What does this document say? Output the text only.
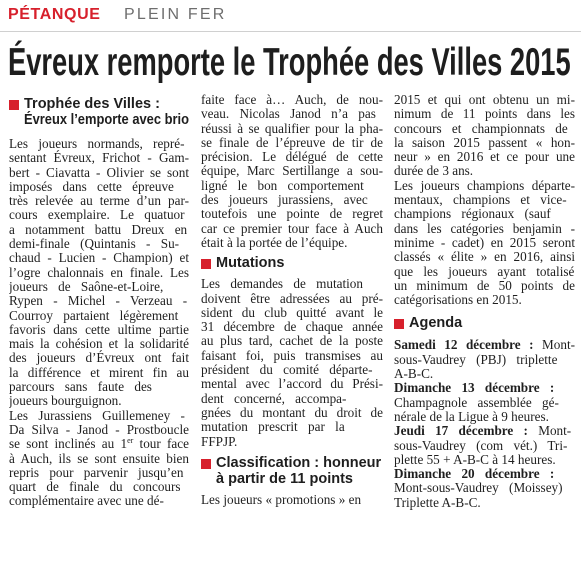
PÉTANQUE PLEIN FER
Évreux remporte le Trophée des Villes 2015
Trophée des Villes :
Évreux l’emporte avec brio
Les joueurs normands, repré-
sentant Évreux, Frichot - Gam-
bert - Ciavatta - Olivier se sont
imposés dans cette épreuve
très relevée au terme d’un par-
cours exemplaire. Le quatuor
a notamment battu Dreux en
demi-finale (Quintanis - Su-
chaud - Lucien - Champion) et
l’ogre chalonnais en finale. Les
joueurs de Saône-et-Loire,
Rypen - Michel - Verzeau -
Courroy partaient légèrement
favoris dans cette ultime partie
mais la cohésion et la solidarité
des joueurs d’Évreux ont fait
la différence et mirent fin au
parcours sans faute des
joueurs bourguignon.
Les Jurassiens Guillemeney -
Da Silva - Janod - Prostboucle
se sont inclinés au 1er tour face
à Auch, ils se sont ensuite bien
repris pour parvenir jusqu’en
quart de finale du concours
complémentaire avec une dé-
faite face à… Auch, de nou-
veau. Nicolas Janod n’a pas
réussi à se qualifier pour la pha-
se finale de l’épreuve de tir de
précision. Le délégué de cette
équipe, Marc Sertillange a sou-
ligné le bon comportement
des joueurs jurassiens, avec
toutefois une pointe de regret
car ce premier tour face à Auch
était à la portée de l’équipe.
Mutations
Les demandes de mutation
doivent être adressées au pré-
sident du club quitté avant le
31 décembre de chaque année
au plus tard, cachet de la poste
faisant foi, puis transmises au
président du comité départe-
mental avec l’accord du Prési-
dent concerné, accompa-
gnées du montant du droit de
mutation prescrit par la
FFPJP.
Classification : honneur
à partir de 11 points
Les joueurs « promotions » en
2015 et qui ont obtenu un mi-
nimum de 11 points dans les
concours et championnats de
la saison 2015 passent « hon-
neur » en 2016 et ce pour une
durée de 3 ans.
Les joueurs champions départe-
mentaux, champions et vice-
champions régionaux (sauf
dans les catégories benjamin -
minime - cadet) en 2015 seront
classés « élite » en 2016, ainsi
que les joueurs ayant totalisé
un minimum de 50 points de
catégorisations en 2015.
Agenda
Samedi 12 décembre : Mont-
sous-Vaudrey (PBJ) triplette
A-B-C.
Dimanche 13 décembre :
Champagnole assemblée gé-
nérale de la Ligue à 9 heures.
Jeudi 17 décembre : Mont-
sous-Vaudrey (com vét.) Tri-
plette 55 + A-B-C à 14 heures.
Dimanche 20 décembre :
Mont-sous-Vaudrey (Moissey)
Triplette A-B-C.
